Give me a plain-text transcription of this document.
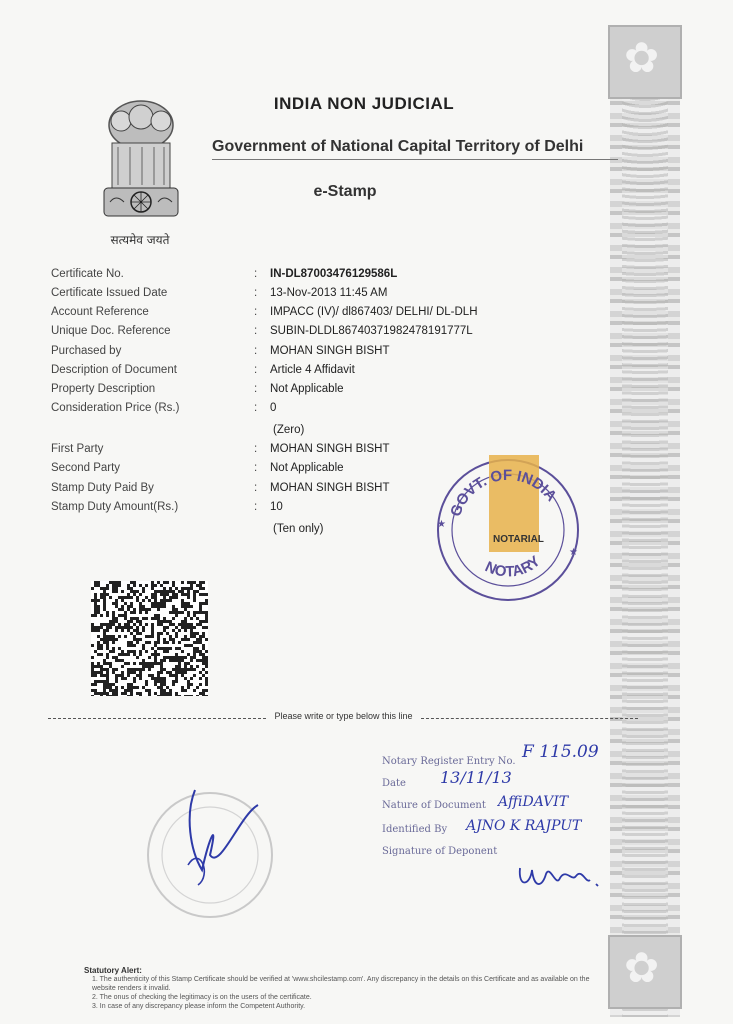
✿
✿
सत्यमेव जयते
INDIA NON JUDICIAL
Government of National Capital Territory of Delhi
e-Stamp
Certificate No.	: IN-DL87003476129586L
Certificate Issued Date	: 13-Nov-2013 11:45 AM
Account Reference	: IMPACC (IV)/ dl867403/ DELHI/ DL-DLH
Unique Doc. Reference	: SUBIN-DLDL86740371982478191777L
Purchased by	: MOHAN SINGH BISHT
Description of Document	: Article 4 Affidavit
Property Description	: Not Applicable
Consideration Price (Rs.)	: 0
(Zero)
First Party	: MOHAN SINGH BISHT
Second Party	: Not Applicable
Stamp Duty Paid By	: MOHAN SINGH BISHT
Stamp Duty Amount(Rs.)	: 10
(Ten only)
GOVT. OF INDIA
NOTARY
NOTARIAL
★
★
Please write or type below this line
Notary Register Entry No. F 115.09
Date 13/11/13
Nature of Document AffiDAVIT
Identified By AJNO K RAJPUT
Signature of Deponent
Statutory Alert:
1. The authenticity of this Stamp Certificate should be verified at 'www.shcilestamp.com'. Any discrepancy in the details on this Certificate and as available on the website renders it invalid.
2. The onus of checking the legitimacy is on the users of the certificate.
3. In case of any discrepancy please inform the Competent Authority.
